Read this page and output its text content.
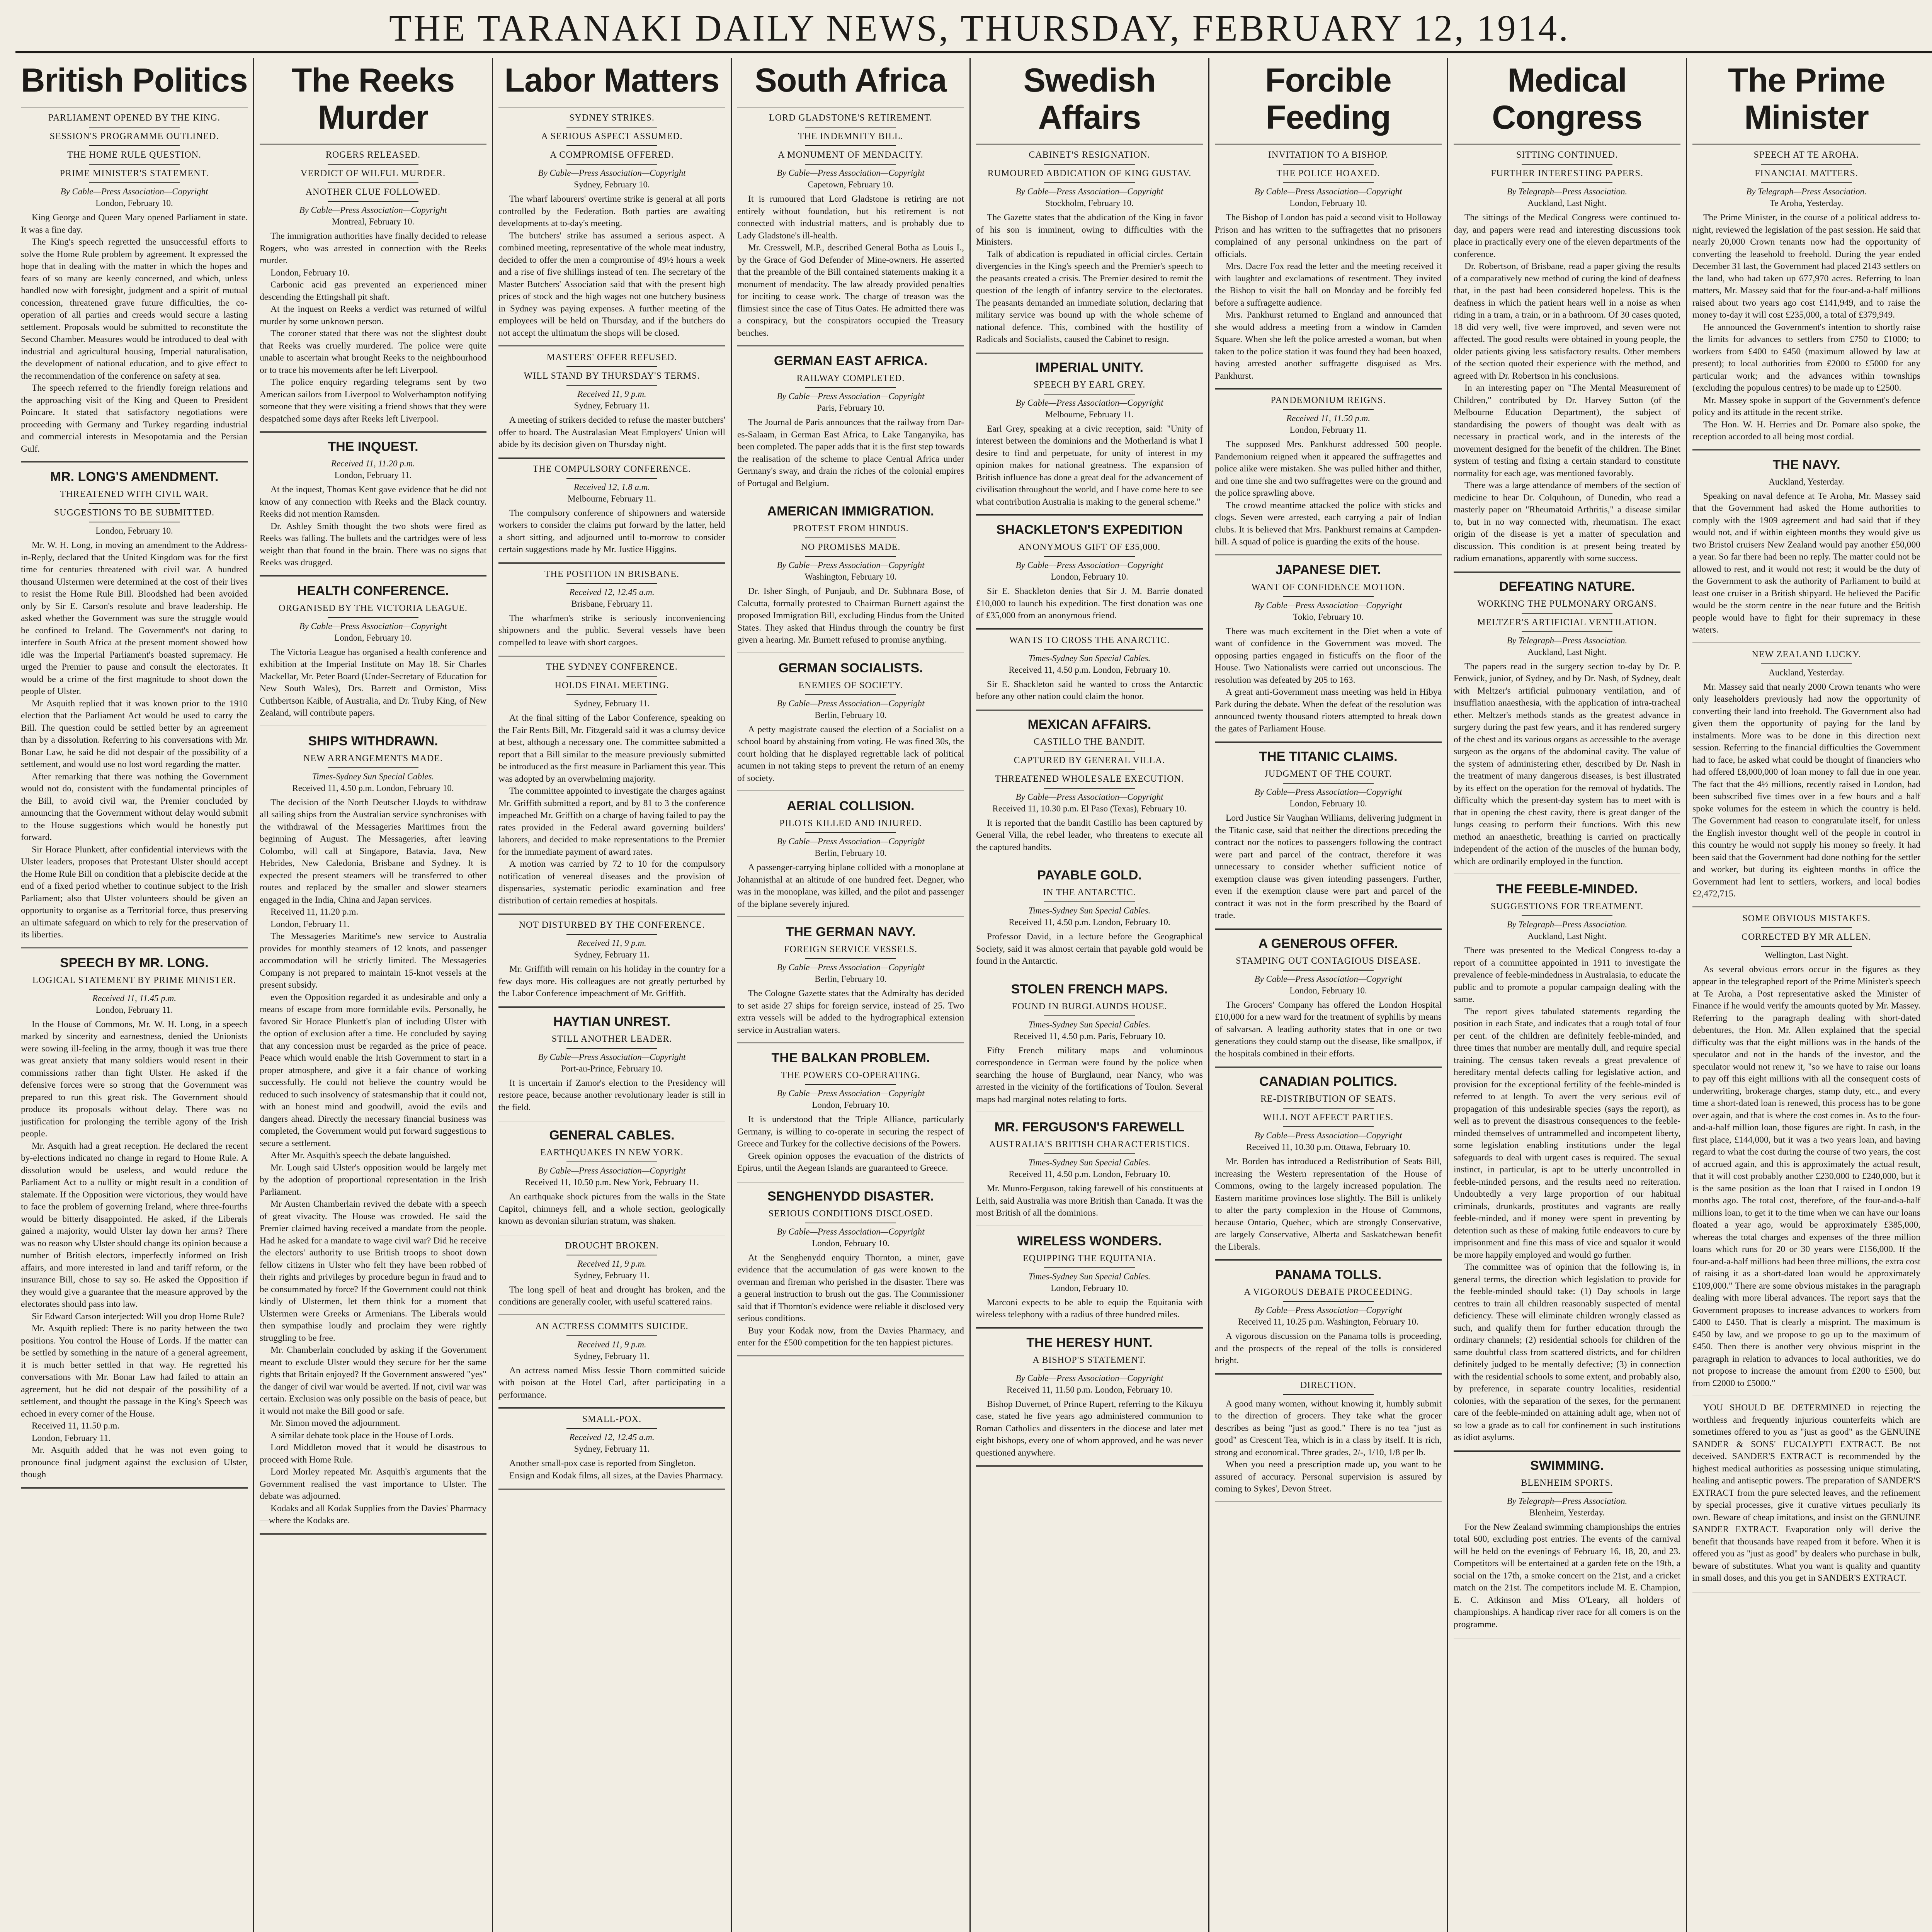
THE TARANAKI DAILY NEWS, THURSDAY, FEBRUARY 12, 1914.
British Politics
PARLIAMENT OPENED BY THE KING.
SESSION'S PROGRAMME OUTLINED.
THE HOME RULE QUESTION.
PRIME MINISTER'S STATEMENT.
By Cable—Press Association—Copyright
London, February 10.

King George and Queen Mary opened Parliament in state. It was a fine day.

The King's speech regretted the unsuccessful efforts to solve the Home Rule problem by agreement. It expressed the hope that in dealing with the matter in which the hopes and fears of so many are keenly concerned, and which, unless handled now with foresight, judgment and a spirit of mutual concession, threatened grave future difficulties, the co-operation of all parties and creeds would secure a lasting settlement. Proposals would be submitted to reconstitute the Second Chamber. Measures would be introduced to deal with industrial and agricultural housing, Imperial naturalisation, the development of national education, and to give effect to the recommendation of the conference on safety at sea.

The speech referred to the friendly foreign relations and the approaching visit of the King and Queen to President Poincare. It stated that satisfactory negotiations were proceeding with Germany and Turkey regarding industrial and commercial interests in Mesopotamia and the Persian Gulf.

MR. LONG'S AMENDMENT.
THREATENED WITH CIVIL WAR.
SUGGESTIONS TO BE SUBMITTED.
London, February 10.

Mr. W. H. Long, in moving an amendment to the Address-in-Reply, declared that the United Kingdom was for the first time for centuries threatened with civil war. A hundred thousand Ulstermen were determined at the cost of their lives to resist the Home Rule Bill. Bloodshed had been avoided only by Sir E. Carson's resolute and brave leadership. He asked whether the Government was sure the struggle would be confined to Ireland. The Government's not daring to interfere in South Africa at the present moment showed how idle was the Imperial Parliament's boasted supremacy. He urged the Premier to pause and consult the electorates. It would be a crime of the first magnitude to shoot down the people of Ulster.

Mr Asquith replied that it was known prior to the 1910 election that the Parliament Act would be used to carry the Bill. The question could be settled better by an agreement than by a dissolution. Referring to his conversations with Mr. Bonar Law, he said he did not despair of the possibility of a settlement, and would use no lost word regarding the matter.

After remarking that there was nothing the Government would not do, consistent with the fundamental principles of the Bill, to avoid civil war, the Premier concluded by announcing that the Government without delay would submit to the House suggestions which would be honestly put forward.

Sir Horace Plunkett, after confidential interviews with the Ulster leaders, proposes that Protestant Ulster should accept the Home Rule Bill on condition that a plebiscite decide at the end of a fixed period whether to continue subject to the Irish Parliament; also that Ulster volunteers should be given an opportunity to organise as a Territorial force, thus preserving an ultimate safeguard on which to rely for the preservation of its liberties.

SPEECH BY MR. LONG.
LOGICAL STATEMENT BY PRIME MINISTER.
Received 11, 11.45 p.m.
London, February 11.

In the House of Commons, Mr. W. H. Long, in a speech marked by sincerity and earnestness, denied the Unionists were sowing ill-feeling in the army, though it was true there was great anxiety that many soldiers would resent in their commissions rather than fight Ulster. He asked if the defensive forces were so strong that the Government was prepared to run this great risk. The Government should produce its proposals without delay. There was no justification for prolonging the terrible agony of the Irish people.

Mr. Asquith had a great reception. He declared the recent by-elections indicated no change in regard to Home Rule. A dissolution would be useless, and would reduce the Parliament Act to a nullity or might result in a condition of stalemate. If the Opposition were victorious, they would have to face the problem of governing Ireland, where three-fourths would be bitterly disappointed. He asked, if the Liberals gained a majority, would Ulster lay down her arms? There was no reason why Ulster should change its opinion because a number of British electors, imperfectly informed on Irish affairs, and more interested in land and tariff reform, or the insurance Bill, chose to say so. He asked the Opposition if they would give a guarantee that the measure approved by the electorates should pass into law.

Sir Edward Carson interjected: Will you drop Home Rule?

Mr. Asquith replied: There is no parity between the two positions. You control the House of Lords. If the matter can be settled by something in the nature of a general agreement, it is much better settled in that way. He regretted his conversations with Mr. Bonar Law had failed to attain an agreement, but he did not despair of the possibility of a settlement, and thought the passage in the King's Speech was echoed in every corner of the House.

Received 11, 11.50 p.m.

London, February 11.

Mr. Asquith added that he was not even going to pronounce final judgment against the exclusion of Ulster, though

The Reeks Murder
ROGERS RELEASED.
VERDICT OF WILFUL MURDER.
ANOTHER CLUE FOLLOWED.
By Cable—Press Association—Copyright
Montreal, February 10.

The immigration authorities have finally decided to release Rogers, who was arrested in connection with the Reeks murder.

London, February 10.

Carbonic acid gas prevented an experienced miner descending the Ettingshall pit shaft.

At the inquest on Reeks a verdict was returned of wilful murder by some unknown person.

The coroner stated that there was not the slightest doubt that Reeks was cruelly murdered. The police were quite unable to ascertain what brought Reeks to the neighbourhood or to trace his movements after he left Liverpool.

The police enquiry regarding telegrams sent by two American sailors from Liverpool to Wolverhampton notifying someone that they were visiting a friend shows that they were despatched some days after Reeks left Liverpool.

THE INQUEST.
Received 11, 11.20 p.m.
London, February 11.

At the inquest, Thomas Kent gave evidence that he did not know of any connection with Reeks and the Black country. Reeks did not mention Ramsden.

Dr. Ashley Smith thought the two shots were fired as Reeks was falling. The bullets and the cartridges were of less weight than that found in the brain. There was no signs that Reeks was drugged.

HEALTH CONFERENCE.
ORGANISED BY THE VICTORIA LEAGUE.
By Cable—Press Association—Copyright
London, February 10.

The Victoria League has organised a health conference and exhibition at the Imperial Institute on May 18. Sir Charles Mackellar, Mr. Peter Board (Under-Secretary of Education for New South Wales), Drs. Barrett and Ormiston, Miss Cuthbertson Kaible, of Australia, and Dr. Truby King, of New Zealand, will contribute papers.

SHIPS WITHDRAWN.
NEW ARRANGEMENTS MADE.
Times-Sydney Sun Special Cables.
Received 11, 4.50 p.m. London, February 10.

The decision of the North Deutscher Lloyds to withdraw all sailing ships from the Australian service synchronises with the withdrawal of the Messageries Maritimes from the beginning of August. The Messageries, after leaving Colombo, will call at Singapore, Batavia, Java, New Hebrides, New Caledonia, Brisbane and Sydney. It is expected the present steamers will be transferred to other routes and replaced by the smaller and slower steamers engaged in the India, China and Japan services.

Received 11, 11.20 p.m.

London, February 11.

The Messageries Maritime's new service to Australia provides for monthly steamers of 12 knots, and passenger accommodation will be strictly limited. The Messageries Company is not prepared to maintain 15-knot vessels at the present subsidy.

even the Opposition regarded it as undesirable and only a means of escape from more formidable evils. Personally, he favored Sir Horace Plunkett's plan of including Ulster with the option of exclusion after a time. He concluded by saying that any concession must be regarded as the price of peace. Peace which would enable the Irish Government to start in a proper atmosphere, and give it a fair chance of working successfully. He could not believe the country would be reduced to such insolvency of statesmanship that it could not, with an honest mind and goodwill, avoid the evils and dangers ahead. Directly the necessary financial business was completed, the Government would put forward suggestions to secure a settlement.

After Mr. Asquith's speech the debate languished.

Mr. Lough said Ulster's opposition would be largely met by the adoption of proportional representation in the Irish Parliament.

Mr Austen Chamberlain revived the debate with a speech of great vivacity. The House was crowded. He said the Premier claimed having received a mandate from the people. Had he asked for a mandate to wage civil war? Did he receive the electors' authority to use British troops to shoot down fellow citizens in Ulster who felt they have been robbed of their rights and privileges by procedure begun in fraud and to be consummated by force? If the Government could not think kindly of Ulstermen, let them think for a moment that Ulstermen were Greeks or Armenians. The Liberals would then sympathise loudly and proclaim they were rightly struggling to be free.

Mr. Chamberlain concluded by asking if the Government meant to exclude Ulster would they secure for her the same rights that Britain enjoyed? If the Government answered "yes" the danger of civil war would be averted. If not, civil war was certain. Exclusion was only possible on the basis of peace, but it would not make the Bill good or safe.

Mr. Simon moved the adjournment.

A similar debate took place in the House of Lords.

Lord Middleton moved that it would be disastrous to proceed with Home Rule.

Lord Morley repeated Mr. Asquith's arguments that the Government realised the vast importance to Ulster. The debate was adjourned.

Kodaks and all Kodak Supplies from the Davies' Pharmacy—where the Kodaks are.

Labor Matters
SYDNEY STRIKES.
A SERIOUS ASPECT ASSUMED.
A COMPROMISE OFFERED.
By Cable—Press Association—Copyright
Sydney, February 10.

The wharf labourers' overtime strike is general at all ports controlled by the Federation. Both parties are awaiting developments at to-day's meeting.

The butchers' strike has assumed a serious aspect. A combined meeting, representative of the whole meat industry, decided to offer the men a compromise of 49½ hours a week and a rise of five shillings instead of ten. The secretary of the Master Butchers' Association said that with the present high prices of stock and the high wages not one butchery business in Sydney was paying expenses. A further meeting of the employees will be held on Thursday, and if the butchers do not accept the ultimatum the shops will be closed.

MASTERS' OFFER REFUSED.
WILL STAND BY THURSDAY'S TERMS.
Received 11, 9 p.m.
Sydney, February 11.

A meeting of strikers decided to refuse the master butchers' offer to board. The Australasian Meat Employers' Union will abide by its decision given on Thursday night.

THE COMPULSORY CONFERENCE.
Received 12, 1.8 a.m.
Melbourne, February 11.

The compulsory conference of shipowners and waterside workers to consider the claims put forward by the latter, held a short sitting, and adjourned until to-morrow to consider certain suggestions made by Mr. Justice Higgins.

THE POSITION IN BRISBANE.
Received 12, 12.45 a.m.
Brisbane, February 11.

The wharfmen's strike is seriously inconveniencing shipowners and the public. Several vessels have been compelled to leave with short cargoes.

THE SYDNEY CONFERENCE.
HOLDS FINAL MEETING.
Sydney, February 11.

At the final sitting of the Labor Conference, speaking on the Fair Rents Bill, Mr. Fitzgerald said it was a clumsy device at best, although a necessary one. The committee submitted a report that a Bill similar to the measure previously submitted be introduced as the first measure in Parliament this year. This was adopted by an overwhelming majority.

The committee appointed to investigate the charges against Mr. Griffith submitted a report, and by 81 to 3 the conference impeached Mr. Griffith on a charge of having failed to pay the rates provided in the Federal award governing builders' laborers, and decided to make representations to the Premier for the immediate payment of award rates.

A motion was carried by 72 to 10 for the compulsory notification of venereal diseases and the provision of dispensaries, systematic periodic examination and free distribution of certain remedies at hospitals.

NOT DISTURBED BY THE CONFERENCE.
Received 11, 9 p.m.
Sydney, February 11.

Mr. Griffith will remain on his holiday in the country for a few days more. His colleagues are not greatly perturbed by the Labor Conference impeachment of Mr. Griffith.

HAYTIAN UNREST.
STILL ANOTHER LEADER.
By Cable—Press Association—Copyright
Port-au-Prince, February 10.

It is uncertain if Zamor's election to the Presidency will restore peace, because another revolutionary leader is still in the field.

GENERAL CABLES.
EARTHQUAKES IN NEW YORK.
By Cable—Press Association—Copyright
Received 11, 10.50 p.m. New York, February 11.

An earthquake shock pictures from the walls in the State Capitol, chimneys fell, and a whole section, geologically known as devonian silurian stratum, was shaken.

DROUGHT BROKEN.
Received 11, 9 p.m.
Sydney, February 11.

The long spell of heat and drought has broken, and the conditions are generally cooler, with useful scattered rains.

AN ACTRESS COMMITS SUICIDE.
Received 11, 9 p.m.
Sydney, February 11.

An actress named Miss Jessie Thorn committed suicide with poison at the Hotel Carl, after participating in a performance.

SMALL-POX.
Received 12, 12.45 a.m.
Sydney, February 11.

Another small-pox case is reported from Singleton.

Ensign and Kodak films, all sizes, at the Davies Pharmacy.

South Africa
LORD GLADSTONE'S RETIREMENT.
THE INDEMNITY BILL.
A MONUMENT OF MENDACITY.
By Cable—Press Association—Copyright
Capetown, February 10.

It is rumoured that Lord Gladstone is retiring are not entirely without foundation, but his retirement is not connected with industrial matters, and is probably due to Lady Gladstone's ill-health.

Mr. Cresswell, M.P., described General Botha as Louis I., by the Grace of God Defender of Mine-owners. He asserted that the preamble of the Bill contained statements making it a monument of mendacity. The law already provided penalties for inciting to cease work. The charge of treason was the flimsiest since the case of Titus Oates. He admitted there was a conspiracy, but the conspirators occupied the Treasury benches.

GERMAN EAST AFRICA.
RAILWAY COMPLETED.
By Cable—Press Association—Copyright
Paris, February 10.

The Journal de Paris announces that the railway from Dar-es-Salaam, in German East Africa, to Lake Tanganyika, has been completed. The paper adds that it is the first step towards the realisation of the scheme to place Central Africa under Germany's sway, and drain the riches of the colonial empires of Portugal and Belgium.

AMERICAN IMMIGRATION.
PROTEST FROM HINDUS.
NO PROMISES MADE.
By Cable—Press Association—Copyright
Washington, February 10.

Dr. Isher Singh, of Punjaub, and Dr. Subhnara Bose, of Calcutta, formally protested to Chairman Burnett against the proposed Immigration Bill, excluding Hindus from the United States. They asked that Hindus through the country be first given a hearing. Mr. Burnett refused to promise anything.

GERMAN SOCIALISTS.
ENEMIES OF SOCIETY.
By Cable—Press Association—Copyright
Berlin, February 10.

A petty magistrate caused the election of a Socialist on a school board by abstaining from voting. He was fined 30s, the court holding that he displayed regrettable lack of political acumen in not taking steps to prevent the return of an enemy of society.

AERIAL COLLISION.
PILOTS KILLED AND INJURED.
By Cable—Press Association—Copyright
Berlin, February 10.

A passenger-carrying biplane collided with a monoplane at Johannisthal at an altitude of one hundred feet. Degner, who was in the monoplane, was killed, and the pilot and passenger of the biplane severely injured.

THE GERMAN NAVY.
FOREIGN SERVICE VESSELS.
By Cable—Press Association—Copyright
Berlin, February 10.

The Cologne Gazette states that the Admiralty has decided to set aside 27 ships for foreign service, instead of 25. Two extra vessels will be added to the hydrographical extension service in Australian waters.

THE BALKAN PROBLEM.
THE POWERS CO-OPERATING.
By Cable—Press Association—Copyright
London, February 10.

It is understood that the Triple Alliance, particularly Germany, is willing to co-operate in securing the respect of Greece and Turkey for the collective decisions of the Powers.

Greek opinion opposes the evacuation of the districts of Epirus, until the Aegean Islands are guaranteed to Greece.

SENGHENYDD DISASTER.
SERIOUS CONDITIONS DISCLOSED.
By Cable—Press Association—Copyright
London, February 10.

At the Senghenydd enquiry Thornton, a miner, gave evidence that the accumulation of gas were known to the overman and fireman who perished in the disaster. There was a general instruction to brush out the gas. The Commissioner said that if Thornton's evidence were reliable it disclosed very serious conditions.

Buy your Kodak now, from the Davies Pharmacy, and enter for the £500 competition for the ten happiest pictures.

Swedish Affairs
CABINET'S RESIGNATION.
RUMOURED ABDICATION OF KING GUSTAV.
By Cable—Press Association—Copyright
Stockholm, February 10.

The Gazette states that the abdication of the King in favor of his son is imminent, owing to difficulties with the Ministers.

Talk of abdication is repudiated in official circles. Certain divergencies in the King's speech and the Premier's speech to the peasants created a crisis. The Premier desired to remit the question of the length of infantry service to the electorates. The peasants demanded an immediate solution, declaring that military service was bound up with the whole scheme of national defence. This, combined with the hostility of Radicals and Socialists, caused the Cabinet to resign.

IMPERIAL UNITY.
SPEECH BY EARL GREY.
By Cable—Press Association—Copyright
Melbourne, February 11.

Earl Grey, speaking at a civic reception, said: "Unity of interest between the dominions and the Motherland is what I desire to find and perpetuate, for unity of interest in my opinion makes for national greatness. The expansion of British influence has done a great deal for the advancement of civilisation throughout the world, and I have come here to see what contribution Australia is making to the general scheme."

SHACKLETON'S EXPEDITION
ANONYMOUS GIFT OF £35,000.
By Cable—Press Association—Copyright
London, February 10.

Sir E. Shackleton denies that Sir J. M. Barrie donated £10,000 to launch his expedition. The first donation was one of £35,000 from an anonymous friend.

WANTS TO CROSS THE ANARCTIC.
Times-Sydney Sun Special Cables.
Received 11, 4.50 p.m. London, February 10.

Sir E. Shackleton said he wanted to cross the Antarctic before any other nation could claim the honor.

MEXICAN AFFAIRS.
CASTILLO THE BANDIT.
CAPTURED BY GENERAL VILLA.
THREATENED WHOLESALE EXECUTION.
By Cable—Press Association—Copyright
Received 11, 10.30 p.m. El Paso (Texas), February 10.

It is reported that the bandit Castillo has been captured by General Villa, the rebel leader, who threatens to execute all the captured bandits.

PAYABLE GOLD.
IN THE ANTARCTIC.
Times-Sydney Sun Special Cables.
Received 11, 4.50 p.m. London, February 10.

Professor David, in a lecture before the Geographical Society, said it was almost certain that payable gold would be found in the Antarctic.

STOLEN FRENCH MAPS.
FOUND IN BURGLAUNDS HOUSE.
Times-Sydney Sun Special Cables.
Received 11, 4.50 p.m. Paris, February 10.

Fifty French military maps and voluminous correspondence in German were found by the police when searching the house of Burglaund, near Nancy, who was arrested in the vicinity of the fortifications of Toulon. Several maps had marginal notes relating to forts.

MR. FERGUSON'S FAREWELL
AUSTRALIA'S BRITISH CHARACTERISTICS.
Times-Sydney Sun Special Cables.
Received 11, 4.50 p.m. London, February 10.

Mr. Munro-Ferguson, taking farewell of his constituents at Leith, said Australia was more British than Canada. It was the most British of all the dominions.

WIRELESS WONDERS.
EQUIPPING THE EQUITANIA.
Times-Sydney Sun Special Cables.
London, February 10.

Marconi expects to be able to equip the Equitania with wireless telephony with a radius of three hundred miles.

THE HERESY HUNT.
A BISHOP'S STATEMENT.
By Cable—Press Association—Copyright
Received 11, 11.50 p.m. London, February 10.

Bishop Duvernet, of Prince Rupert, referring to the Kikuyu case, stated he five years ago administered communion to Roman Catholics and dissenters in the diocese and later met eight bishops, every one of whom approved, and he was never questioned anywhere.

Forcible Feeding
INVITATION TO A BISHOP.
THE POLICE HOAXED.
By Cable—Press Association—Copyright
London, February 10.

The Bishop of London has paid a second visit to Holloway Prison and has written to the suffragettes that no prisoners complained of any personal unkindness on the part of officials.

Mrs. Dacre Fox read the letter and the meeting received it with laughter and exclamations of resentment. They invited the Bishop to visit the hall on Monday and be forcibly fed before a suffragette audience.

Mrs. Pankhurst returned to England and announced that she would address a meeting from a window in Camden Square. When she left the police arrested a woman, but when taken to the police station it was found they had been hoaxed, having arrested another suffragette disguised as Mrs. Pankhurst.

PANDEMONIUM REIGNS.
Received 11, 11.50 p.m.
London, February 11.

The supposed Mrs. Pankhurst addressed 500 people. Pandemonium reigned when it appeared the suffragettes and police alike were mistaken. She was pulled hither and thither, and one time she and two suffragettes were on the ground and the police sprawling above.

The crowd meantime attacked the police with sticks and clogs. Seven were arrested, each carrying a pair of Indian clubs. It is believed that Mrs. Pankhurst remains at Campden-hill. A squad of police is guarding the exits of the house.

JAPANESE DIET.
WANT OF CONFIDENCE MOTION.
By Cable—Press Association—Copyright
Tokio, February 10.

There was much excitement in the Diet when a vote of want of confidence in the Government was moved. The opposing parties engaged in fisticuffs on the floor of the House. Two Nationalists were carried out unconscious. The resolution was defeated by 205 to 163.

A great anti-Government mass meeting was held in Hibya Park during the debate. When the defeat of the resolution was announced twenty thousand rioters attempted to break down the gates of Parliament House.

THE TITANIC CLAIMS.
JUDGMENT OF THE COURT.
By Cable—Press Association—Copyright
London, February 10.

Lord Justice Sir Vaughan Williams, delivering judgment in the Titanic case, said that neither the directions preceding the contract nor the notices to passengers following the contract were part and parcel of the contract, therefore it was unnecessary to consider whether sufficient notice of exemption clause was given intending passengers. Further, even if the exemption clause were part and parcel of the contract it was not in the form prescribed by the Board of trade.

A GENEROUS OFFER.
STAMPING OUT CONTAGIOUS DISEASE.
By Cable—Press Association—Copyright
London, February 10.

The Grocers' Company has offered the London Hospital £10,000 for a new ward for the treatment of syphilis by means of salvarsan. A leading authority states that in one or two generations they could stamp out the disease, like smallpox, if the hospitals combined in their efforts.

CANADIAN POLITICS.
RE-DISTRIBUTION OF SEATS.
WILL NOT AFFECT PARTIES.
By Cable—Press Association—Copyright
Received 11, 10.30 p.m. Ottawa, February 10.

Mr. Borden has introduced a Redistribution of Seats Bill, increasing the Western representation of the House of Commons, owing to the largely increased population. The Eastern maritime provinces lose slightly. The Bill is unlikely to alter the party complexion in the House of Commons, because Ontario, Quebec, which are strongly Conservative, are largely Conservative, Alberta and Saskatchewan benefit the Liberals.

PANAMA TOLLS.
A VIGOROUS DEBATE PROCEEDING.
By Cable—Press Association—Copyright
Received 11, 10.25 p.m. Washington, February 10.

A vigorous discussion on the Panama tolls is proceeding, and the prospects of the repeal of the tolls is considered bright.

DIRECTION.

A good many women, without knowing it, humbly submit to the direction of grocers. They take what the grocer describes as being "just as good." There is no tea "just as good" as Crescent Tea, which is in a class by itself. It is rich, strong and economical. Three grades, 2/-, 1/10, 1/8 per lb.

When you need a prescription made up, you want to be assured of accuracy. Personal supervision is assured by coming to Sykes', Devon Street.

Medical Congress
SITTING CONTINUED.
FURTHER INTERESTING PAPERS.
By Telegraph—Press Association.
Auckland, Last Night.

The sittings of the Medical Congress were continued to-day, and papers were read and interesting discussions took place in practically every one of the eleven departments of the conference.

Dr. Robertson, of Brisbane, read a paper giving the results of a comparatively new method of curing the kind of deafness that, in the past had been considered hopeless. This is the deafness in which the patient hears well in a noise as when riding in a tram, a train, or in a bathroom. Of 30 cases quoted, 18 did very well, five were improved, and seven were not affected. The good results were obtained in young people, the older patients giving less satisfactory results. Other members of the section quoted their experience with the method, and agreed with Dr. Robertson in his conclusions.

In an interesting paper on "The Mental Measurement of Children," contributed by Dr. Harvey Sutton (of the Melbourne Education Department), the subject of standardising the powers of thought was dealt with as necessary in practical work, and in the interests of the movement designed for the benefit of the children. The Binet system of testing and fixing a certain standard to constitute normality for each age, was mentioned favorably.

There was a large attendance of members of the section of medicine to hear Dr. Colquhoun, of Dunedin, who read a masterly paper on "Rheumatoid Arthritis," a disease similar to, but in no way connected with, rheumatism. The exact origin of the disease is yet a matter of speculation and discussion. This condition is at present being treated by radium emanations, apparently with some success.

DEFEATING NATURE.
WORKING THE PULMONARY ORGANS.
MELTZER'S ARTIFICIAL VENTILATION.
By Telegraph—Press Association.
Auckland, Last Night.

The papers read in the surgery section to-day by Dr. P. Fenwick, junior, of Sydney, and by Dr. Nash, of Sydney, dealt with Meltzer's artificial pulmonary ventilation, and of insufflation anaesthesia, with the application of intra-tracheal ether. Meltzer's methods stands as the greatest advance in surgery during the past few years, and it has rendered surgery of the chest and its various organs as accessible to the average surgeon as the organs of the abdominal cavity. The value of the system of administering ether, described by Dr. Nash in the treatment of many dangerous diseases, is best illustrated by its effect on the operation for the removal of hydatids. The difficulty which the present-day system has to meet with is that in opening the chest cavity, there is great danger of the lungs ceasing to perform their functions. With this new method an anaesthetic, breathing is carried on practically independent of the action of the muscles of the human body, which are ordinarily employed in the function.

THE FEEBLE-MINDED.
SUGGESTIONS FOR TREATMENT.
By Telegraph—Press Association.
Auckland, Last Night.

There was presented to the Medical Congress to-day a report of a committee appointed in 1911 to investigate the prevalence of feeble-mindedness in Australasia, to educate the public and to promote a popular campaign dealing with the same.

The report gives tabulated statements regarding the position in each State, and indicates that a rough total of four per cent. of the children are definitely feeble-minded, and three times that number are mentally dull, and require special training. The census taken reveals a great prevalence of hereditary mental defects calling for legislative action, and provision for the exceptional fertility of the feeble-minded is referred to at length. To avert the very serious evil of propagation of this undesirable species (says the report), as well as to prevent the disastrous consequences to the feeble-minded themselves of untrammelled and incompetent liberty, some legislation enabling institutions under the legal safeguards to deal with urgent cases is required. The sexual instinct, in particular, is apt to be utterly uncontrolled in feeble-minded persons, and the results need no reiteration. Undoubtedly a very large proportion of our habitual criminals, drunkards, prostitutes and vagrants are really feeble-minded, and if money were spent in preventing by detention such as these of making futile endeavors to cure by imprisonment and fine this mass of vice and squalor it would be more happily employed and would go further.

The committee was of opinion that the following is, in general terms, the direction which legislation to provide for the feeble-minded should take: (1) Day schools in large centres to train all children reasonably suspected of mental deficiency. These will eliminate children wrongly classed as such, and qualify them for further education through the ordinary channels; (2) residential schools for children of the same doubtful class from scattered districts, and for children definitely judged to be mentally defective; (3) in connection with the residential schools to some extent, and probably also, by preference, in separate country localities, residential colonies, with the separation of the sexes, for the permanent care of the feeble-minded on attaining adult age, when not of so low a grade as to call for confinement in such institutions as idiot asylums.

SWIMMING.
BLENHEIM SPORTS.
By Telegraph—Press Association.
Blenheim, Yesterday.

For the New Zealand swimming championships the entries total 600, excluding post entries. The events of the carnival will be held on the evenings of February 16, 18, 20, and 23. Competitors will be entertained at a garden fete on the 19th, a social on the 17th, a smoke concert on the 21st, and a cricket match on the 21st. The competitors include M. E. Champion, E. C. Atkinson and Miss O'Leary, all holders of championships. A handicap river race for all comers is on the programme.

The Prime Minister
SPEECH AT TE AROHA.
FINANCIAL MATTERS.
By Telegraph—Press Association.
Te Aroha, Yesterday.

The Prime Minister, in the course of a political address to-night, reviewed the legislation of the past session. He said that nearly 20,000 Crown tenants now had the opportunity of converting the leasehold to freehold. During the year ended December 31 last, the Government had placed 2143 settlers on the land, who had taken up 677,970 acres. Referring to loan matters, Mr. Massey said that for the four-and-a-half millions raised about two years ago cost £141,949, and to raise the money to-day it will cost £235,000, a total of £379,949.

He announced the Government's intention to shortly raise the limits for advances to settlers from £750 to £1000; to workers from £400 to £450 (maximum allowed by law at present); to local authorities from £2000 to £5000 for any particular work; and the advances within townships (excluding the populous centres) to be made up to £2500.

Mr. Massey spoke in support of the Government's defence policy and its attitude in the recent strike.

The Hon. W. H. Herries and Dr. Pomare also spoke, the reception accorded to all being most cordial.

THE NAVY.
Auckland, Yesterday.

Speaking on naval defence at Te Aroha, Mr. Massey said that the Government had asked the Home authorities to comply with the 1909 agreement and had said that if they would not, and if within eighteen months they would give us two Bristol cruisers New Zealand would pay another £50,000 a year. So far there had been no reply. The matter could not be allowed to rest, and it would not rest; it would be the duty of the Government to ask the authority of Parliament to build at least one cruiser in a British shipyard. He believed the Pacific would be the storm centre in the near future and the British people would have to fight for their supremacy in these waters.

NEW ZEALAND LUCKY.
Auckland, Yesterday.

Mr. Massey said that nearly 2000 Crown tenants who were only leaseholders previously had now the opportunity of converting their land into freehold. The Government also had given them the opportunity of paying for the land by instalments. More was to be done in this direction next session. Referring to the financial difficulties the Government had to face, he asked what could be thought of financiers who had offered £8,000,000 of loan money to fall due in one year. The fact that the 4½ millions, recently raised in London, had been subscribed five times over in a few hours and a half spoke volumes for the esteem in which the country is held. The Government had reason to congratulate itself, for unless the English investor thought well of the people in control in this country he would not supply his money so freely. It had been said that the Government had done nothing for the settler and worker, but during its eighteen months in office the Government had lent to settlers, workers, and local bodies £2,472,715.

SOME OBVIOUS MISTAKES.
CORRECTED BY MR ALLEN.
Wellington, Last Night.

As several obvious errors occur in the figures as they appear in the telegraphed report of the Prime Minister's speech at Te Aroha, a Post representative asked the Minister of Finance if he would verify the amounts quoted by Mr. Massey. Referring to the paragraph dealing with short-dated debentures, the Hon. Mr. Allen explained that the special difficulty was that the eight millions was in the hands of the speculator and not in the hands of the investor, and the speculator would not renew it, "so we have to raise our loans to pay off this eight millions with all the consequent costs of underwriting, brokerage charges, stamp duty, etc., and every time a short-dated loan is renewed, this process has to be gone over again, and that is where the cost comes in. As to the four-and-a-half million loan, those figures are right. In cash, in the first place, £144,000, but it was a two years loan, and having regard to what the cost during the course of two years, the cost of accrued again, and this is approximately the actual result, that it will cost probably another £230,000 to £240,000, but it is the same position as the loan that I raised in London 19 months ago. The total cost, therefore, of the four-and-a-half millions loan, to get it to the time when we can have our loans floated a year ago, would be approximately £385,000, whereas the total charges and expenses of the three million loans which runs for 20 or 30 years were £156,000. If the four-and-a-half millions had been three millions, the extra cost of raising it as a short-dated loan would be approximately £109,000." There are some obvious mistakes in the paragraph dealing with more liberal advances. The report says that the Government proposes to increase advances to workers from £400 to £450. That is clearly a misprint. The maximum is £450 by law, and we propose to go up to the maximum of £450. Then there is another very obvious misprint in the paragraph in relation to advances to local authorities, we do not propose to increase the amount from £200 to £500, but from £2000 to £5000."

YOU SHOULD BE DETERMINED in rejecting the worthless and frequently injurious counterfeits which are sometimes offered to you as "just as good" as the GENUINE SANDER & SONS' EUCALYPTI EXTRACT. Be not deceived. SANDER'S EXTRACT is recommended by the highest medical authorities as possessing unique stimulating, healing and antiseptic powers. The preparation of SANDER'S EXTRACT from the pure selected leaves, and the refinement by special processes, give it curative virtues peculiarly its own. Beware of cheap imitations, and insist on the GENUINE SANDER EXTRACT. Evaporation only will derive the benefit that thousands have reaped from it before. When it is offered you as "just as good" by dealers who purchase in bulk, beware of substitutes. What you want is quality and quantity in small doses, and this you get in SANDER'S EXTRACT.
